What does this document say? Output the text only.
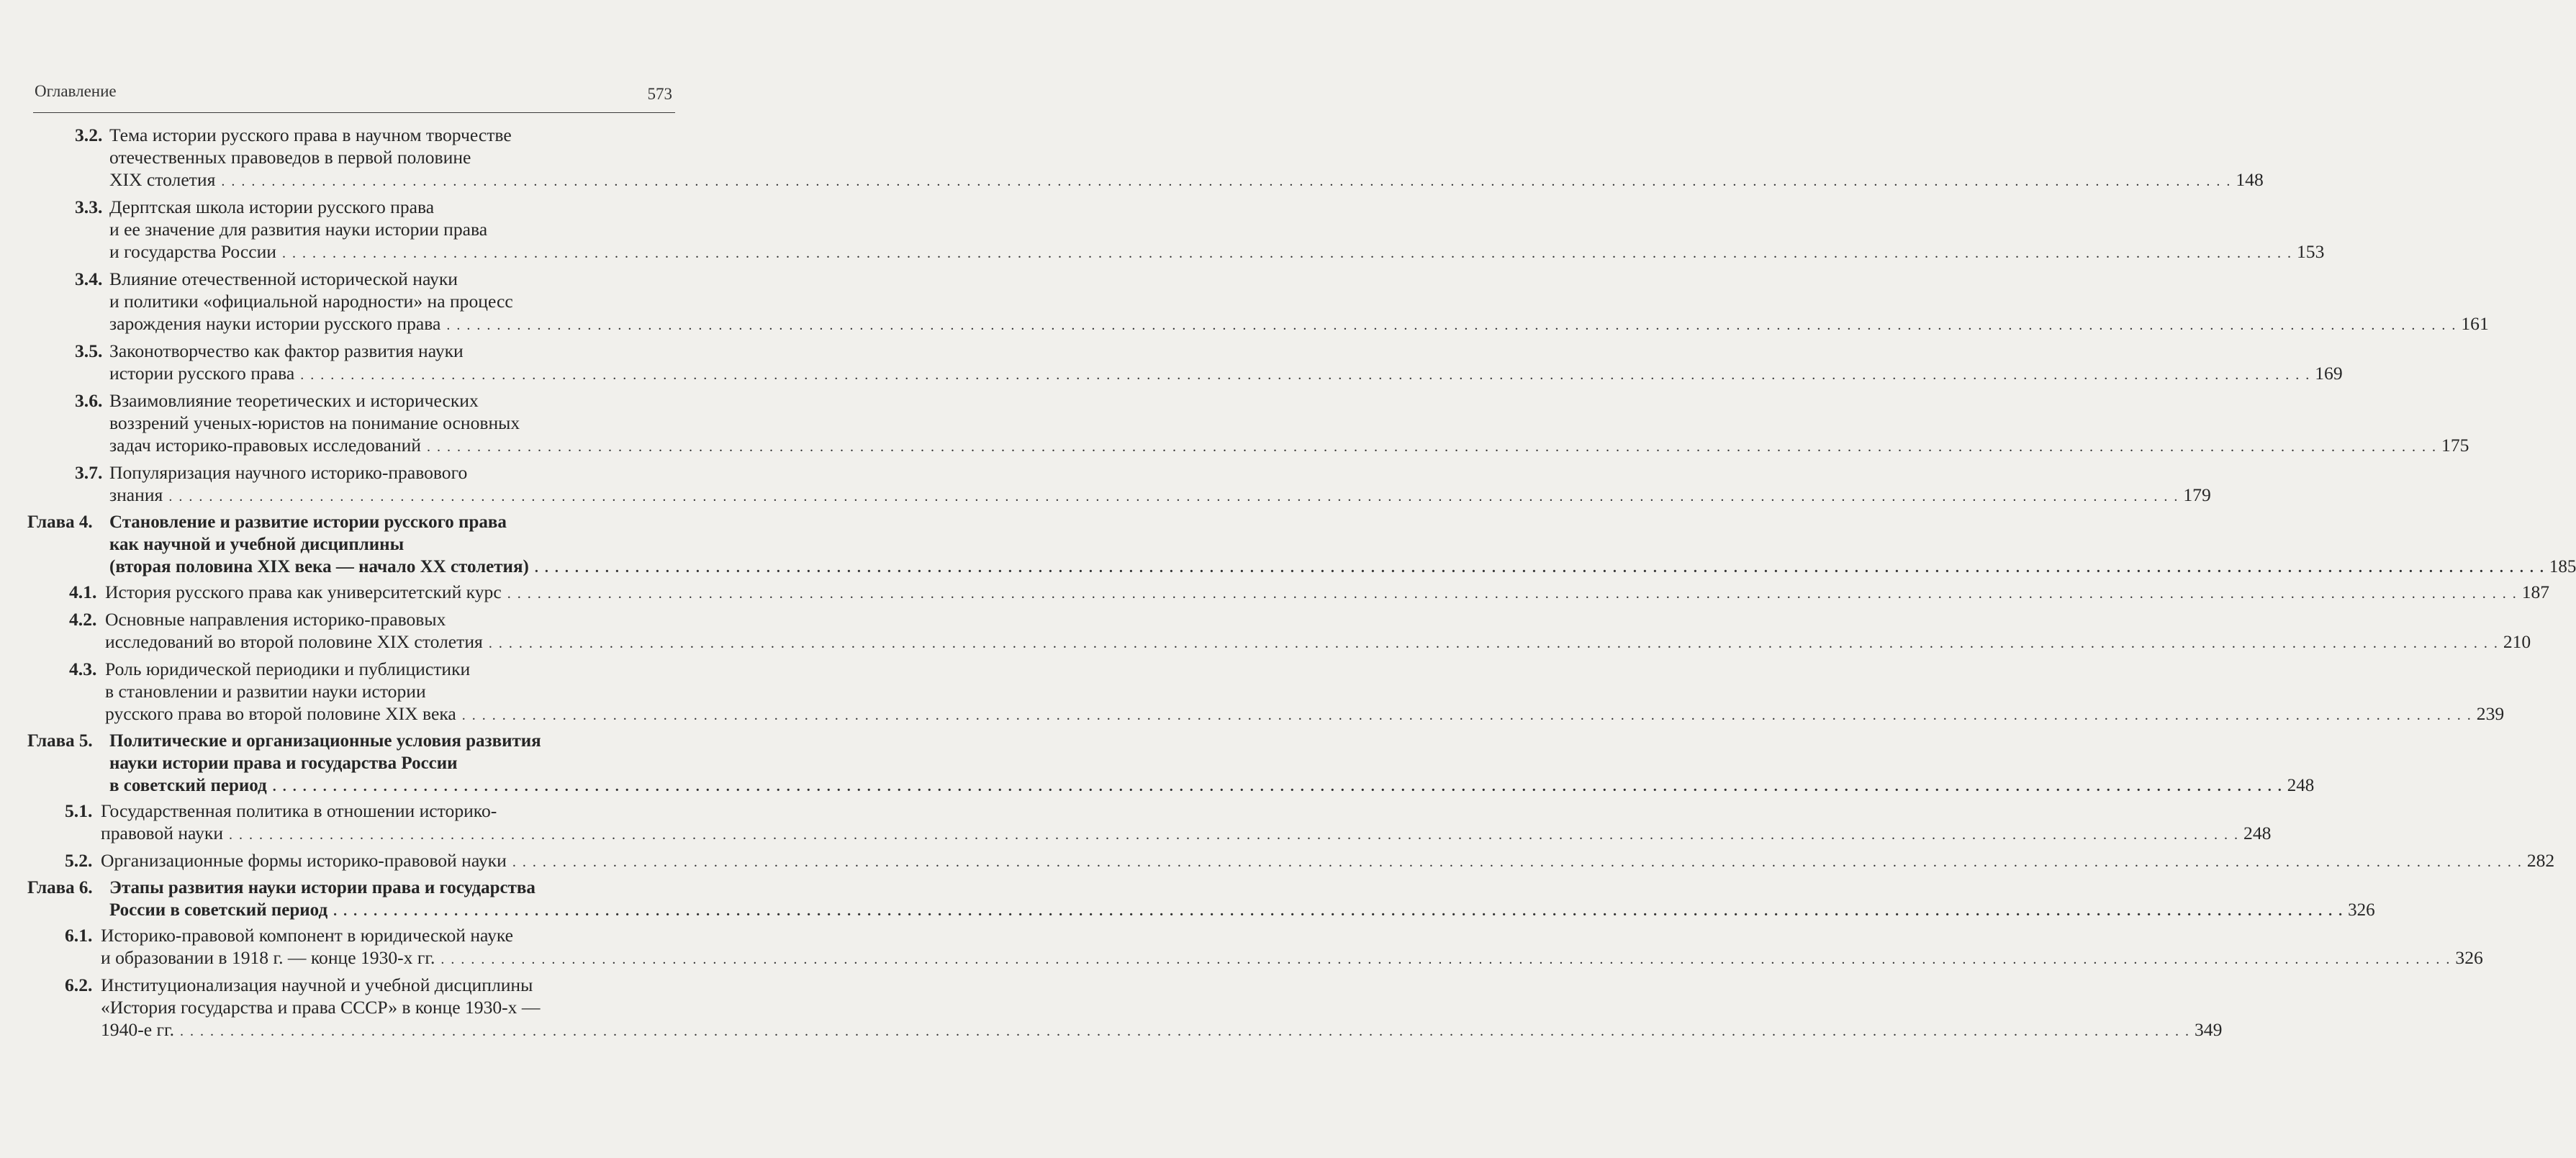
Оглавление	573
3.2. Тема истории русского права в научном творчестве
отечественных правоведов в первой половине
XIX столетия . . . . . . . . . . . . . . . . . . . . . . . . . . . . . . . . . . . . . . . . . . . . . . . . . . . . . . . . . . . . . . . . . . . . . . . . . . . . . . . . . . . . . . . . . . . . . . . . . . . . . . . . . . . . . . . . . . . . . . . . . . . . . . . . . . . . . . . . . . . . . . . . . . . . . . . . . . . . . . . . . . . . . . . . . . . . . . . . . . . . . . . . . . . . . . . . . . . . . . . . 148
3.3. Дерптская школа истории русского права
и ее значение для развития науки истории права
и государства России . . . . . . . . . . . . . . . . . . . . . . . . . . . . . . . . . . . . . . . . . . . . . . . . . . . . . . . . . . . . . . . . . . . . . . . . . . . . . . . . . . . . . . . . . . . . . . . . . . . . . . . . . . . . . . . . . . . . . . . . . . . . . . . . . . . . . . . . . . . . . . . . . . . . . . . . . . . . . . . . . . . . . . . . . . . . . . . . . . . . . . . . . . . . . . . . . . . . . . . . 153
3.4. Влияние отечественной исторической науки
и политики «официальной народности» на процесс
зарождения науки истории русского права . . . . . . . . . . . . . . . . . . . . . . . . . . . . . . . . . . . . . . . . . . . . . . . . . . . . . . . . . . . . . . . . . . . . . . . . . . . . . . . . . . . . . . . . . . . . . . . . . . . . . . . . . . . . . . . . . . . . . . . . . . . . . . . . . . . . . . . . . . . . . . . . . . . . . . . . . . . . . . . . . . . . . . . . . . . . . . . . . . . . . . . . . . . . . . . . . . . . . . . . 161
3.5. Законотворчество как фактор развития науки
истории русского права . . . . . . . . . . . . . . . . . . . . . . . . . . . . . . . . . . . . . . . . . . . . . . . . . . . . . . . . . . . . . . . . . . . . . . . . . . . . . . . . . . . . . . . . . . . . . . . . . . . . . . . . . . . . . . . . . . . . . . . . . . . . . . . . . . . . . . . . . . . . . . . . . . . . . . . . . . . . . . . . . . . . . . . . . . . . . . . . . . . . . . . . . . . . . . . . . . . . . . . . 169
3.6. Взаимовлияние теоретических и исторических
воззрений ученых-юристов на понимание основных
задач историко-правовых исследований . . . . . . . . . . . . . . . . . . . . . . . . . . . . . . . . . . . . . . . . . . . . . . . . . . . . . . . . . . . . . . . . . . . . . . . . . . . . . . . . . . . . . . . . . . . . . . . . . . . . . . . . . . . . . . . . . . . . . . . . . . . . . . . . . . . . . . . . . . . . . . . . . . . . . . . . . . . . . . . . . . . . . . . . . . . . . . . . . . . . . . . . . . . . . . . . . . . . . . . . 175
3.7. Популяризация научного историко-правового
знания . . . . . . . . . . . . . . . . . . . . . . . . . . . . . . . . . . . . . . . . . . . . . . . . . . . . . . . . . . . . . . . . . . . . . . . . . . . . . . . . . . . . . . . . . . . . . . . . . . . . . . . . . . . . . . . . . . . . . . . . . . . . . . . . . . . . . . . . . . . . . . . . . . . . . . . . . . . . . . . . . . . . . . . . . . . . . . . . . . . . . . . . . . . . . . . . . . . . . . . . 179
Глава 4. Становление и развитие истории русского права
как научной и учебной дисциплины
(вторая половина XIX века — начало XX столетия) . . . . . . . . . . . . . . . . . . . . . . . . . . . . . . . . . . . . . . . . . . . . . . . . . . . . . . . . . . . . . . . . . . . . . . . . . . . . . . . . . . . . . . . . . . . . . . . . . . . . . . . . . . . . . . . . . . . . . . . . . . . . . . . . . . . . . . . . . . . . . . . . . . . . . . . . . . . . . . . . . . . . . . . . . . . . . . . . . . . . . . . . . . . . . . . . . . . . . . . . 185
4.1. История русского права как университетский курс . . . . . . . . . . . . . . . . . . . . . . . . . . . . . . . . . . . . . . . . . . . . . . . . . . . . . . . . . . . . . . . . . . . . . . . . . . . . . . . . . . . . . . . . . . . . . . . . . . . . . . . . . . . . . . . . . . . . . . . . . . . . . . . . . . . . . . . . . . . . . . . . . . . . . . . . . . . . . . . . . . . . . . . . . . . . . . . . . . . . . . . . . . . . . . . . . . . . . . . . 187
4.2. Основные направления историко-правовых
исследований во второй половине XIX столетия . . . . . . . . . . . . . . . . . . . . . . . . . . . . . . . . . . . . . . . . . . . . . . . . . . . . . . . . . . . . . . . . . . . . . . . . . . . . . . . . . . . . . . . . . . . . . . . . . . . . . . . . . . . . . . . . . . . . . . . . . . . . . . . . . . . . . . . . . . . . . . . . . . . . . . . . . . . . . . . . . . . . . . . . . . . . . . . . . . . . . . . . . . . . . . . . . . . . . . . . 210
4.3. Роль юридической периодики и публицистики
в становлении и развитии науки истории
русского права во второй половине XIX века . . . . . . . . . . . . . . . . . . . . . . . . . . . . . . . . . . . . . . . . . . . . . . . . . . . . . . . . . . . . . . . . . . . . . . . . . . . . . . . . . . . . . . . . . . . . . . . . . . . . . . . . . . . . . . . . . . . . . . . . . . . . . . . . . . . . . . . . . . . . . . . . . . . . . . . . . . . . . . . . . . . . . . . . . . . . . . . . . . . . . . . . . . . . . . . . . . . . . . . . 239
Глава 5. Политические и организационные условия развития
науки истории права и государства России
в советский период . . . . . . . . . . . . . . . . . . . . . . . . . . . . . . . . . . . . . . . . . . . . . . . . . . . . . . . . . . . . . . . . . . . . . . . . . . . . . . . . . . . . . . . . . . . . . . . . . . . . . . . . . . . . . . . . . . . . . . . . . . . . . . . . . . . . . . . . . . . . . . . . . . . . . . . . . . . . . . . . . . . . . . . . . . . . . . . . . . . . . . . . . . . . . . . . . . . . . . . . 248
5.1. Государственная политика в отношении историко-
правовой науки . . . . . . . . . . . . . . . . . . . . . . . . . . . . . . . . . . . . . . . . . . . . . . . . . . . . . . . . . . . . . . . . . . . . . . . . . . . . . . . . . . . . . . . . . . . . . . . . . . . . . . . . . . . . . . . . . . . . . . . . . . . . . . . . . . . . . . . . . . . . . . . . . . . . . . . . . . . . . . . . . . . . . . . . . . . . . . . . . . . . . . . . . . . . . . . . . . . . . . . . 248
5.2. Организационные формы историко-правовой науки . . . . . . . . . . . . . . . . . . . . . . . . . . . . . . . . . . . . . . . . . . . . . . . . . . . . . . . . . . . . . . . . . . . . . . . . . . . . . . . . . . . . . . . . . . . . . . . . . . . . . . . . . . . . . . . . . . . . . . . . . . . . . . . . . . . . . . . . . . . . . . . . . . . . . . . . . . . . . . . . . . . . . . . . . . . . . . . . . . . . . . . . . . . . . . . . . . . . . . . . 282
Глава 6. Этапы развития науки истории права и государства
России в советский период . . . . . . . . . . . . . . . . . . . . . . . . . . . . . . . . . . . . . . . . . . . . . . . . . . . . . . . . . . . . . . . . . . . . . . . . . . . . . . . . . . . . . . . . . . . . . . . . . . . . . . . . . . . . . . . . . . . . . . . . . . . . . . . . . . . . . . . . . . . . . . . . . . . . . . . . . . . . . . . . . . . . . . . . . . . . . . . . . . . . . . . . . . . . . . . . . . . . . . . . 326
6.1. Историко-правовой компонент в юридической науке
и образовании в 1918 г. — конце 1930-х гг. . . . . . . . . . . . . . . . . . . . . . . . . . . . . . . . . . . . . . . . . . . . . . . . . . . . . . . . . . . . . . . . . . . . . . . . . . . . . . . . . . . . . . . . . . . . . . . . . . . . . . . . . . . . . . . . . . . . . . . . . . . . . . . . . . . . . . . . . . . . . . . . . . . . . . . . . . . . . . . . . . . . . . . . . . . . . . . . . . . . . . . . . . . . . . . . . . . . . . . . . 326
6.2. Институционализация научной и учебной дисциплины
«История государства и права СССР» в конце 1930-х —
1940-е гг. . . . . . . . . . . . . . . . . . . . . . . . . . . . . . . . . . . . . . . . . . . . . . . . . . . . . . . . . . . . . . . . . . . . . . . . . . . . . . . . . . . . . . . . . . . . . . . . . . . . . . . . . . . . . . . . . . . . . . . . . . . . . . . . . . . . . . . . . . . . . . . . . . . . . . . . . . . . . . . . . . . . . . . . . . . . . . . . . . . . . . . . . . . . . . . . . . . . . . . . . 349
